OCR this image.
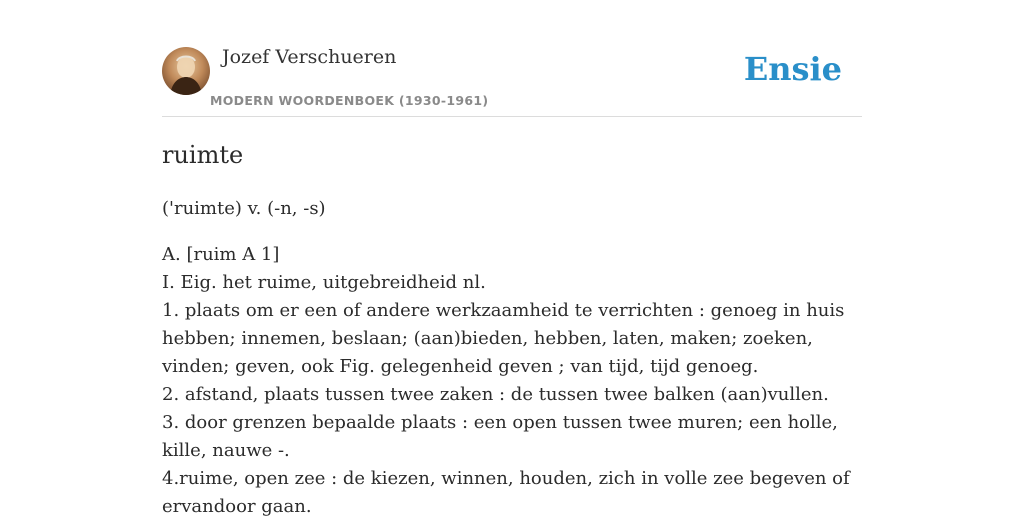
Jozef Verschueren
MODERN WOORDENBOEK (1930-1961)
Ensie
ruimte
('ruimte) v. (-n, -s)

A. [ruim A 1]

I. Eig. het ruime, uitgebreidheid nl.

1. plaats om er een of andere werkzaamheid te verrichten : genoeg in huis hebben; innemen, beslaan; (aan)bieden, hebben, laten, maken; zoeken, vinden; geven, ook Fig. gelegenheid geven ; van tijd, tijd genoeg.

2. afstand, plaats tussen twee zaken : de tussen twee balken (aan)vullen.

3. door grenzen bepaalde plaats : een open tussen twee muren; een holle, kille, nauwe -.

4.ruime, open zee : de kiezen, winnen, houden, zich in volle zee begeven of ervandoor gaan.
